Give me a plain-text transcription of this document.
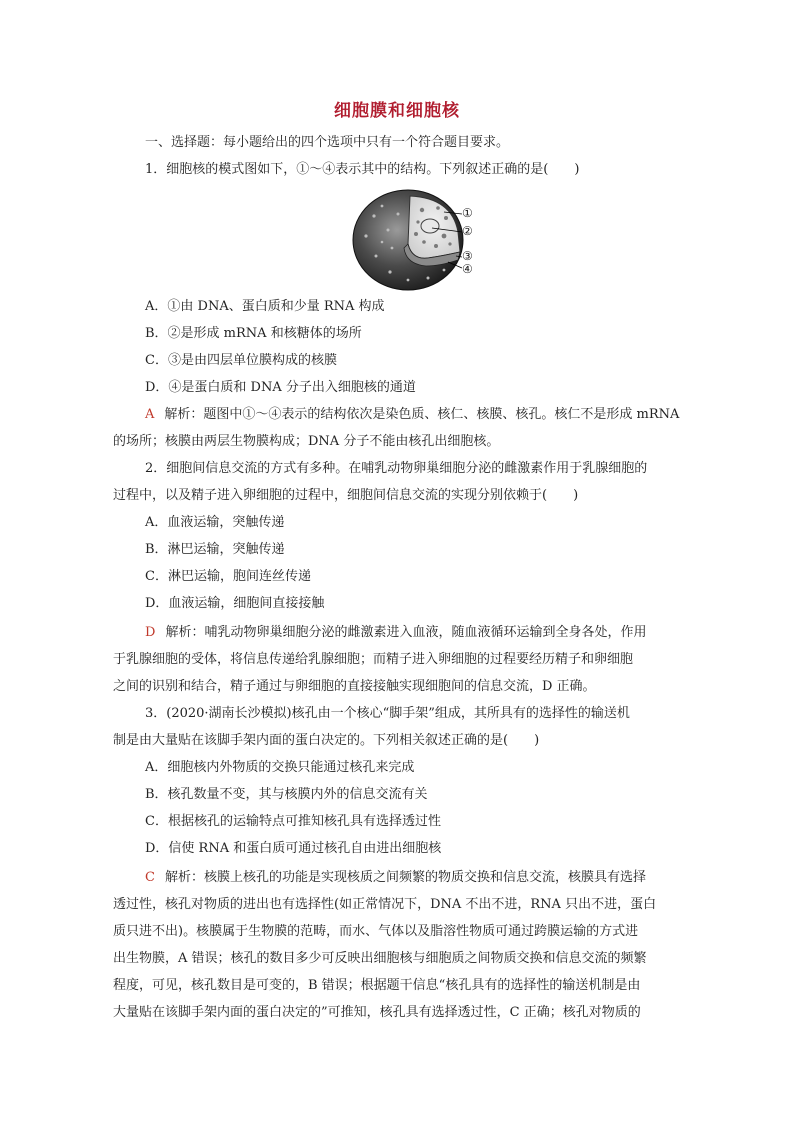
细胞膜和细胞核
一、选择题：每小题给出的四个选项中只有一个符合题目要求。
1．细胞核的模式图如下，①～④表示其中的结构。下列叙述正确的是(　　)
①
②
③
④
A．①由 DNA、蛋白质和少量 RNA 构成
B．②是形成 mRNA 和核糖体的场所
C．③是由四层单位膜构成的核膜
D．④是蛋白质和 DNA 分子出入细胞核的通道
A 解析：题图中①～④表示的结构依次是染色质、核仁、核膜、核孔。核仁不是形成 mRNA
的场所；核膜由两层生物膜构成；DNA 分子不能由核孔出细胞核。
2．细胞间信息交流的方式有多种。在哺乳动物卵巢细胞分泌的雌激素作用于乳腺细胞的
过程中，以及精子进入卵细胞的过程中，细胞间信息交流的实现分别依赖于(　　)
A．血液运输，突触传递
B．淋巴运输，突触传递
C．淋巴运输，胞间连丝传递
D．血液运输，细胞间直接接触
D 解析：哺乳动物卵巢细胞分泌的雌激素进入血液，随血液循环运输到全身各处，作用
于乳腺细胞的受体，将信息传递给乳腺细胞；而精子进入卵细胞的过程要经历精子和卵细胞
之间的识别和结合，精子通过与卵细胞的直接接触实现细胞间的信息交流，D 正确。
3．(2020·湖南长沙模拟)核孔由一个核心“脚手架”组成，其所具有的选择性的输送机
制是由大量贴在该脚手架内面的蛋白决定的。下列相关叙述正确的是(　　)
A．细胞核内外物质的交换只能通过核孔来完成
B．核孔数量不变，其与核膜内外的信息交流有关
C．根据核孔的运输特点可推知核孔具有选择透过性
D．信使 RNA 和蛋白质可通过核孔自由进出细胞核
C 解析：核膜上核孔的功能是实现核质之间频繁的物质交换和信息交流，核膜具有选择
透过性，核孔对物质的进出也有选择性(如正常情况下，DNA 不出不进，RNA 只出不进，蛋白
质只进不出)。核膜属于生物膜的范畴，而水、气体以及脂溶性物质可通过跨膜运输的方式进
出生物膜，A 错误；核孔的数目多少可反映出细胞核与细胞质之间物质交换和信息交流的频繁
程度，可见，核孔数目是可变的，B 错误；根据题干信息“核孔具有的选择性的输送机制是由
大量贴在该脚手架内面的蛋白决定的”可推知，核孔具有选择透过性，C 正确；核孔对物质的
